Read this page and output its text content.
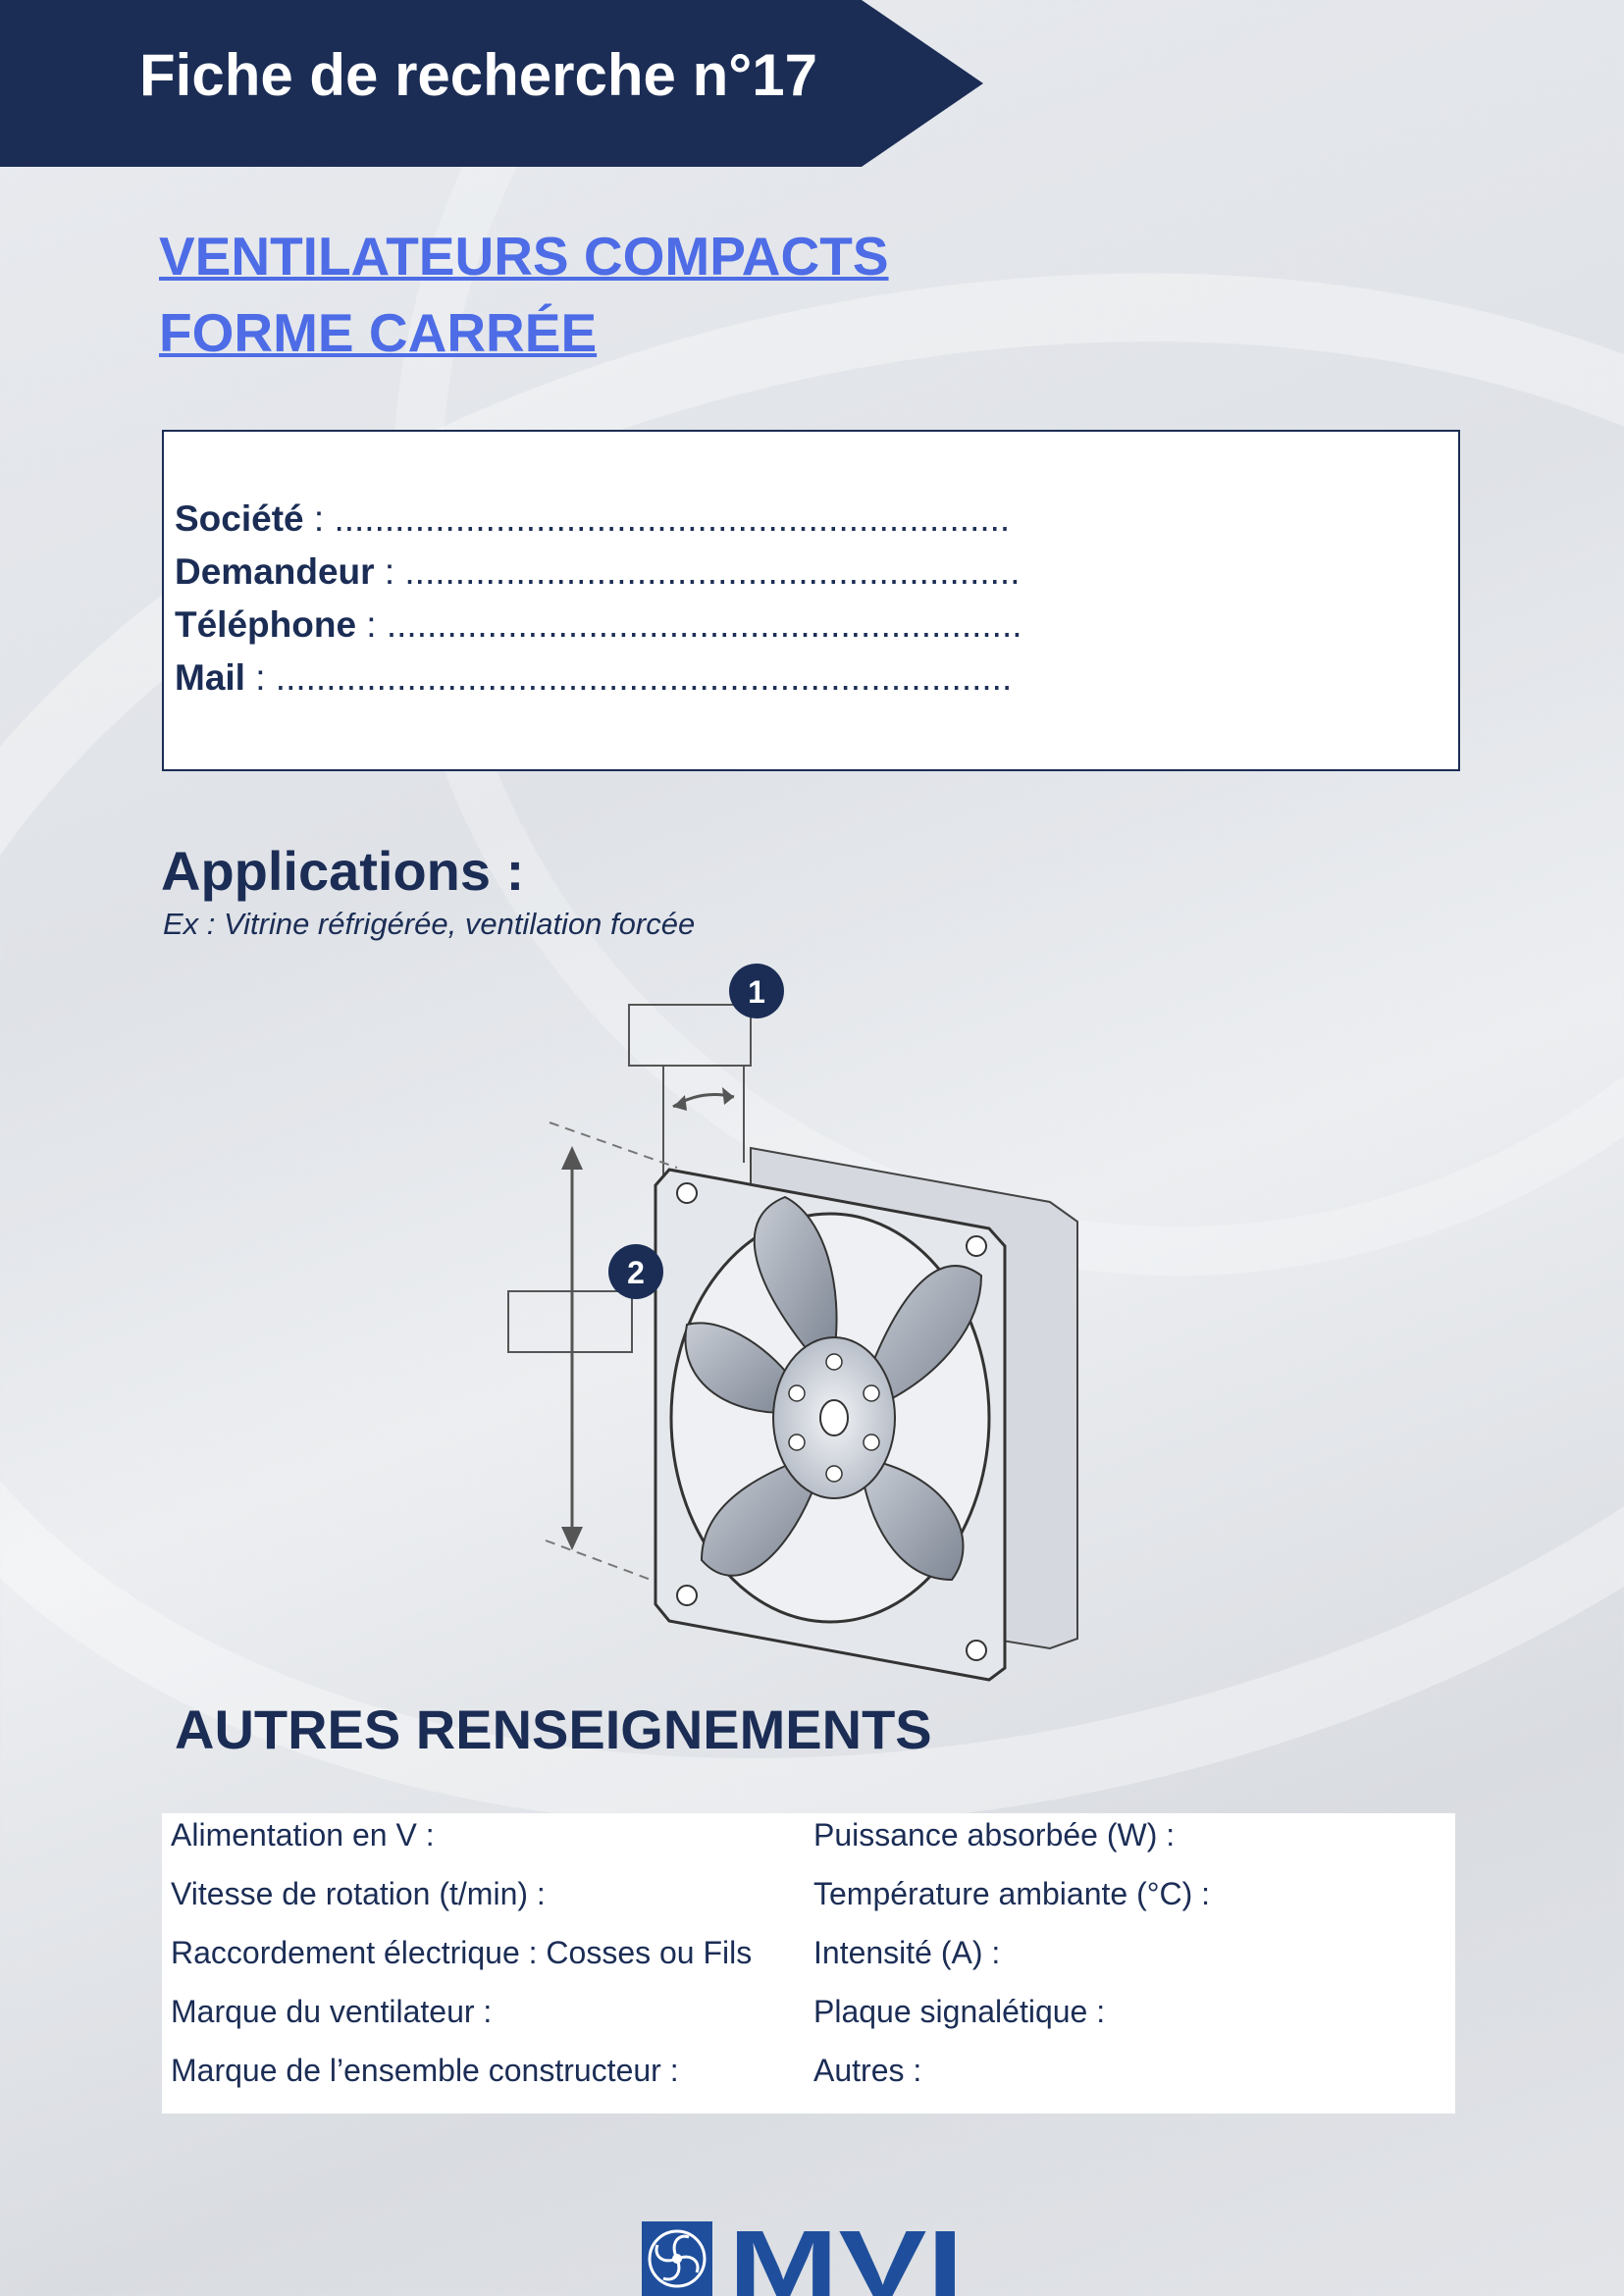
Fiche de recherche n°17
VENTILATEURS COMPACTS
FORME CARRÉE
Société : ...................................................................
Demandeur : .............................................................
Téléphone : ...............................................................
Mail : .........................................................................
Applications :
Ex : Vitrine réfrigérée, ventilation forcée
1
2
AUTRES RENSEIGNEMENTS
Alimentation en V :
Vitesse de rotation (t/min) :
Raccordement électrique : Cosses ou Fils
Marque du ventilateur :
Marque de l’ensemble constructeur :
Puissance absorbée (W) :
Température ambiante (°C) :
Intensité (A) :
Plaque signalétique :
Autres :
MVI
